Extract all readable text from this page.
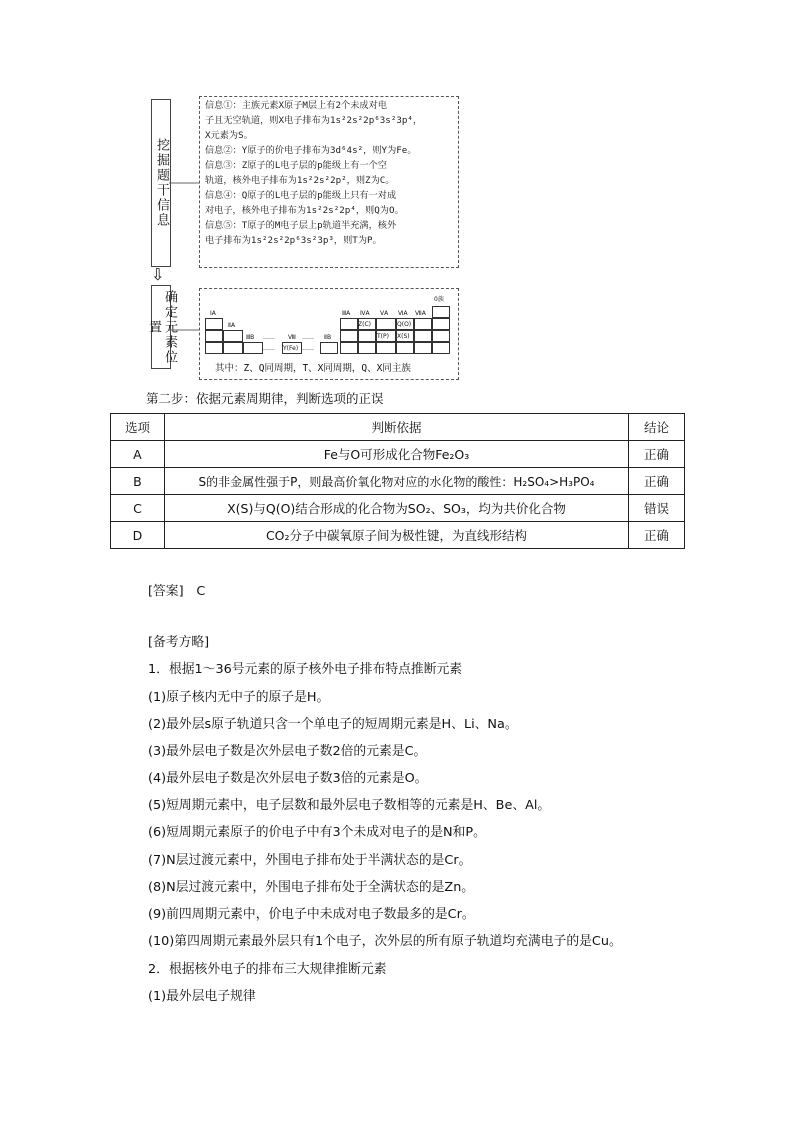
挖掘题干信息
⇩
确定元素位置
信息①：主族元素X原子M层上有2个未成对电
子且无空轨道，则X电子排布为1s²2s²2p⁶3s²3p⁴，
X元素为S。
信息②：Y原子的价电子排布为3d⁶4s²，则Y为Fe。
信息③：Z原子的L电子层的p能级上有一个空
轨道，核外电子排布为1s²2s²2p²，则Z为C。
信息④：Q原子的L电子层的p能级上只有一对成
对电子，核外电子排布为1s²2s²2p⁴，则Q为O。
信息⑤：T原子的M电子层上p轨道半充满，核外
电子排布为1s²2s²2p⁶3s²3p³，则T为P。
0族
ⅠA
ⅡA
ⅢB …… Ⅷ …… ⅡB
…… Y(Fe) ……
ⅢA ⅣA ⅤA ⅥA ⅦA
Z(C)	Q(O)
T(P) X(S)
其中：Z、Q同周期，T、X同周期，Q、X同主族
第二步：依据元素周期律，判断选项的正误
选项	判断依据	结论
A	Fe与O可形成化合物Fe₂O₃	正确
B	S的非金属性强于P，则最高价氧化物对应的水化物的酸性：H₂SO₄>H₃PO₄	正确
C	X(S)与Q(O)结合形成的化合物为SO₂、SO₃，均为共价化合物	错误
D	CO₂分子中碳氧原子间为极性键，为直线形结构	正确
[答案]　C
[备考方略]
1．根据1～36号元素的原子核外电子排布特点推断元素
(1)原子核内无中子的原子是H。
(2)最外层s原子轨道只含一个单电子的短周期元素是H、Li、Na。
(3)最外层电子数是次外层电子数2倍的元素是C。
(4)最外层电子数是次外层电子数3倍的元素是O。
(5)短周期元素中，电子层数和最外层电子数相等的元素是H、Be、Al。
(6)短周期元素原子的价电子中有3个未成对电子的是N和P。
(7)N层过渡元素中，外围电子排布处于半满状态的是Cr。
(8)N层过渡元素中，外围电子排布处于全满状态的是Zn。
(9)前四周期元素中，价电子中未成对电子数最多的是Cr。
(10)第四周期元素最外层只有1个电子，次外层的所有原子轨道均充满电子的是Cu。
2．根据核外电子的排布三大规律推断元素
(1)最外层电子规律
